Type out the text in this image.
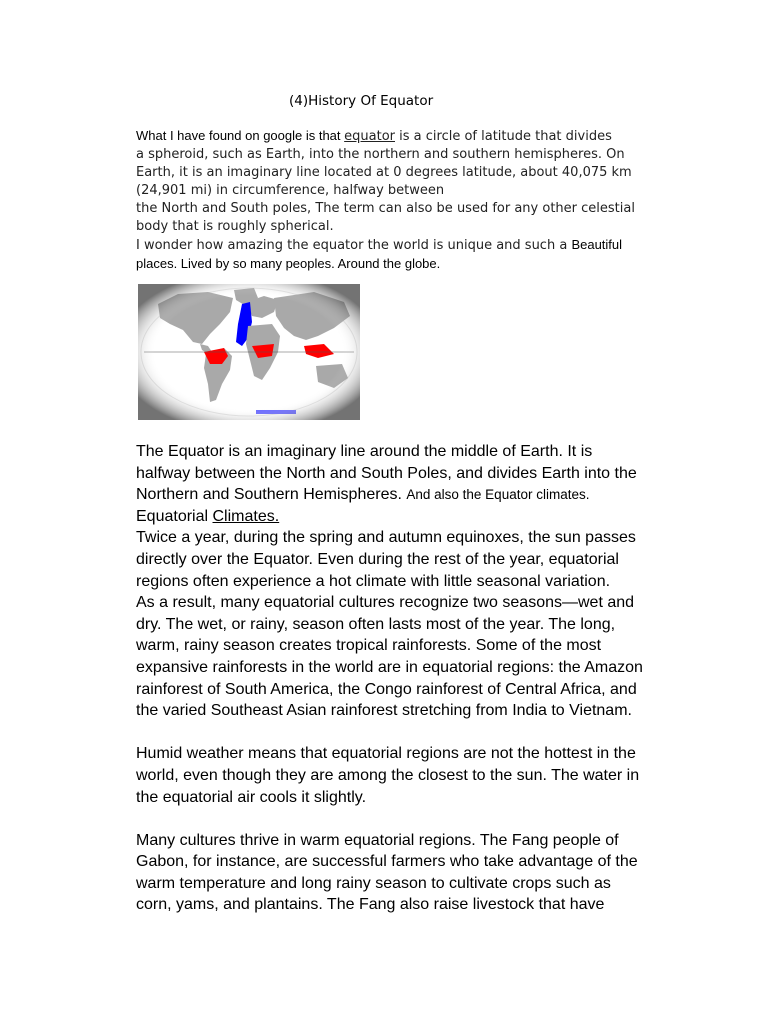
(4)History Of Equator
What I have found on google is that equator is a circle of latitude that divides
a spheroid, such as Earth, into the northern and southern hemispheres. On
Earth, it is an imaginary line located at 0 degrees latitude, about 40,075 km
(24,901 mi) in circumference, halfway between
the North and South poles, The term can also be used for any other celestial
body that is roughly spherical.
I wonder how amazing the equator the world is unique and such a Beautiful
places. Lived by so many peoples. Around the globe.

The Equator is an imaginary line around the middle of Earth. It is

halfway between the North and South Poles, and divides Earth into the

Northern and Southern Hemispheres. And also the Equator climates.

Equatorial Climates.

Twice a year, during the spring and autumn equinoxes, the sun passes

directly over the Equator. Even during the rest of the year, equatorial

regions often experience a hot climate with little seasonal variation.

As a result, many equatorial cultures recognize two seasons—wet and

dry. The wet, or rainy, season often lasts most of the year. The long,

warm, rainy season creates tropical rainforests. Some of the most

expansive rainforests in the world are in equatorial regions: the Amazon

rainforest of South America, the Congo rainforest of Central Africa, and

the varied Southeast Asian rainforest stretching from India to Vietnam.

Humid weather means that equatorial regions are not the hottest in the

world, even though they are among the closest to the sun. The water in

the equatorial air cools it slightly.

Many cultures thrive in warm equatorial regions. The Fang people of

Gabon, for instance, are successful farmers who take advantage of the

warm temperature and long rainy season to cultivate crops such as

corn, yams, and plantains. The Fang also raise livestock that have
